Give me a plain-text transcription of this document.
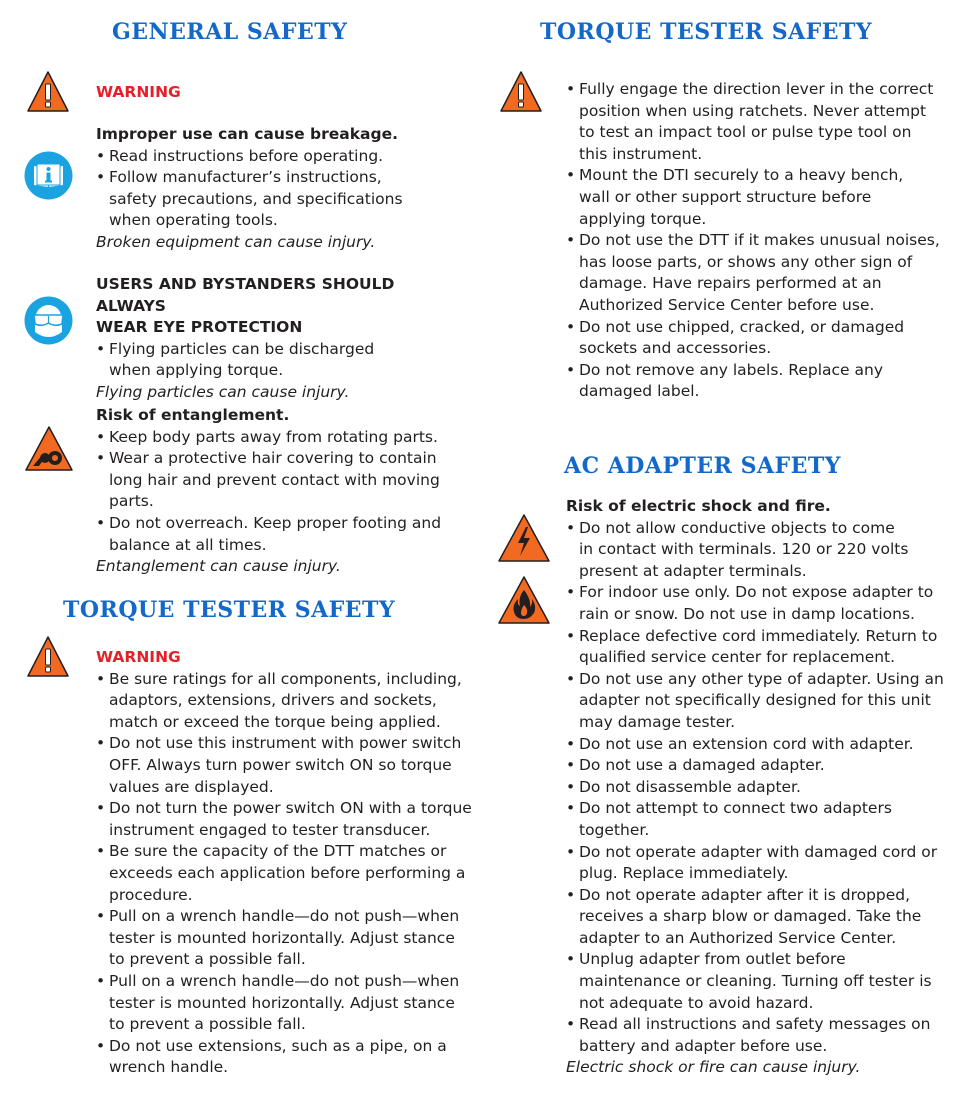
GENERAL SAFETY
WARNING
Improper use can cause breakage.
• Read instructions before operating.
• Follow manufacturer’s instructions, safety precautions, and specifications when operating tools.
Broken equipment can cause injury.
USERS AND BYSTANDERS SHOULD ALWAYS
WEAR EYE PROTECTION
• Flying particles can be discharged when applying torque.
Flying particles can cause injury.
Risk of entanglement.
• Keep body parts away from rotating parts.
• Wear a protective hair covering to contain long hair and prevent contact with moving parts.
• Do not overreach. Keep proper footing and balance at all times.
Entanglement can cause injury.
TORQUE TESTER SAFETY
WARNING
• Be sure ratings for all components, including, adaptors, extensions, drivers and sockets, match or exceed the torque being applied.
• Do not use this instrument with power switch OFF. Always turn power switch ON so torque values are displayed.
• Do not turn the power switch ON with a torque instrument engaged to tester transducer.
• Be sure the capacity of the DTT matches or exceeds each application before performing a procedure.
• Pull on a wrench handle—do not push—when tester is mounted horizontally. Adjust stance to prevent a possible fall.
• Pull on a wrench handle—do not push—when tester is mounted horizontally. Adjust stance to prevent a possible fall.
• Do not use extensions, such as a pipe, on a wrench handle.
TORQUE TESTER SAFETY
• Fully engage the direction lever in the correct position when using ratchets. Never attempt to test an impact tool or pulse type tool on this instrument.
• Mount the DTI securely to a heavy bench, wall or other support structure before applying torque.
• Do not use the DTT if it makes unusual noises, has loose parts, or shows any other sign of damage. Have repairs performed at an Authorized Service Center before use.
• Do not use chipped, cracked, or damaged sockets and accessories.
• Do not remove any labels. Replace any damaged label.
AC ADAPTER SAFETY
Risk of electric shock and fire.
• Do not allow conductive objects to come in contact with terminals. 120 or 220 volts present at adapter terminals.
• For indoor use only. Do not expose adapter to rain or snow. Do not use in damp locations.
• Replace defective cord immediately. Return to qualified service center for replacement.
• Do not use any other type of adapter. Using an adapter not specifically designed for this unit may damage tester.
• Do not use an extension cord with adapter.
• Do not use a damaged adapter.
• Do not disassemble adapter.
• Do not attempt to connect two adapters together.
• Do not operate adapter with damaged cord or plug. Replace immediately.
• Do not operate adapter after it is dropped, receives a sharp blow or damaged. Take the adapter to an Authorized Service Center.
• Unplug adapter from outlet before maintenance or cleaning. Turning off tester is not adequate to avoid hazard.
• Read all instructions and safety messages on battery and adapter before use.
Electric shock or fire can cause injury.
